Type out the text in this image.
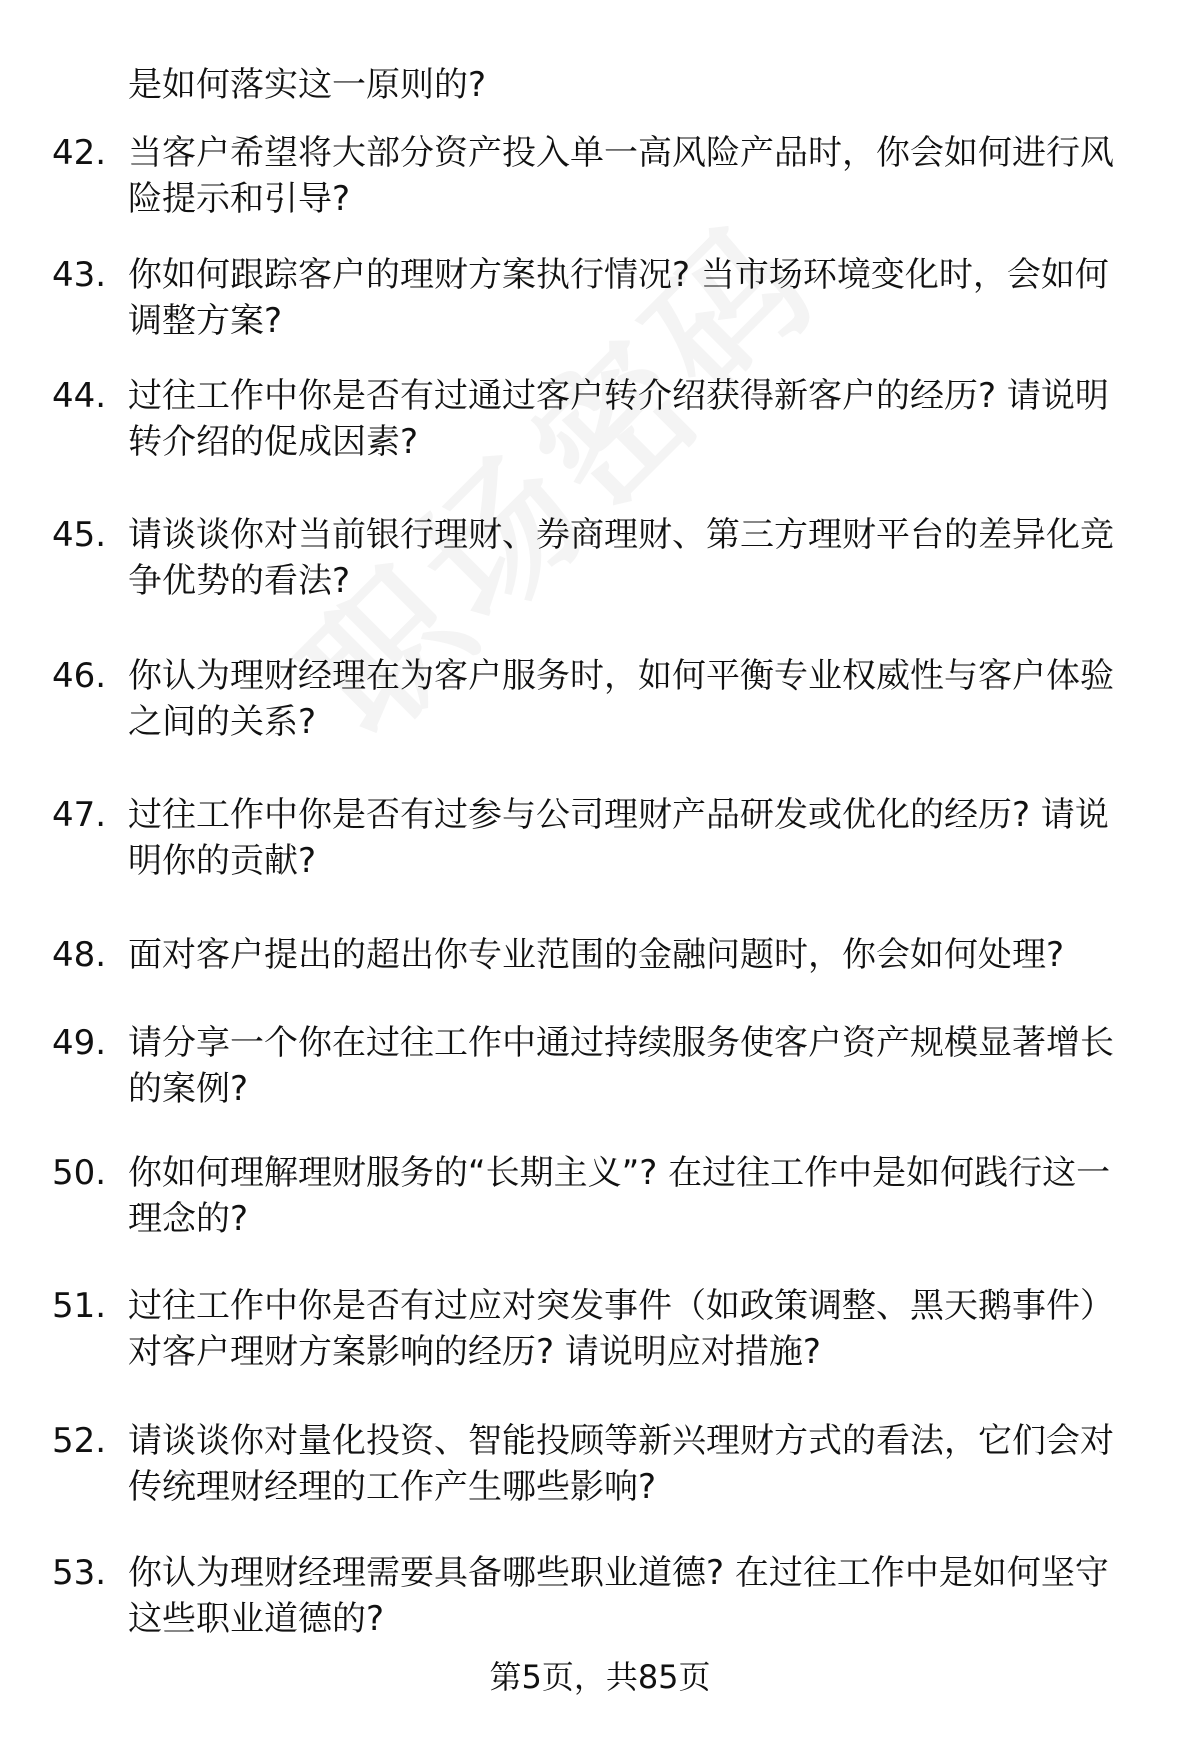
是如何落实这一原则的?
42. 当客户希望将大部分资产投入单一高风险产品时，你会如何进行风险提示和引导?
43. 你如何跟踪客户的理财方案执行情况? 当市场环境变化时，会如何调整方案?
44. 过往工作中你是否有过通过客户转介绍获得新客户的经历? 请说明转介绍的促成因素?
45. 请谈谈你对当前银行理财、券商理财、第三方理财平台的差异化竞争优势的看法?
46. 你认为理财经理在为客户服务时，如何平衡专业权威性与客户体验之间的关系?
47. 过往工作中你是否有过参与公司理财产品研发或优化的经历? 请说明你的贡献?
48. 面对客户提出的超出你专业范围的金融问题时，你会如何处理?
49. 请分享一个你在过往工作中通过持续服务使客户资产规模显著增长的案例?
50. 你如何理解理财服务的“长期主义”? 在过往工作中是如何践行这一理念的?
51. 过往工作中你是否有过应对突发事件（如政策调整、黑天鹅事件）对客户理财方案影响的经历? 请说明应对措施?
52. 请谈谈你对量化投资、智能投顾等新兴理财方式的看法，它们会对传统理财经理的工作产生哪些影响?
53. 你认为理财经理需要具备哪些职业道德? 在过往工作中是如何坚守这些职业道德的?
第5页，共85页
